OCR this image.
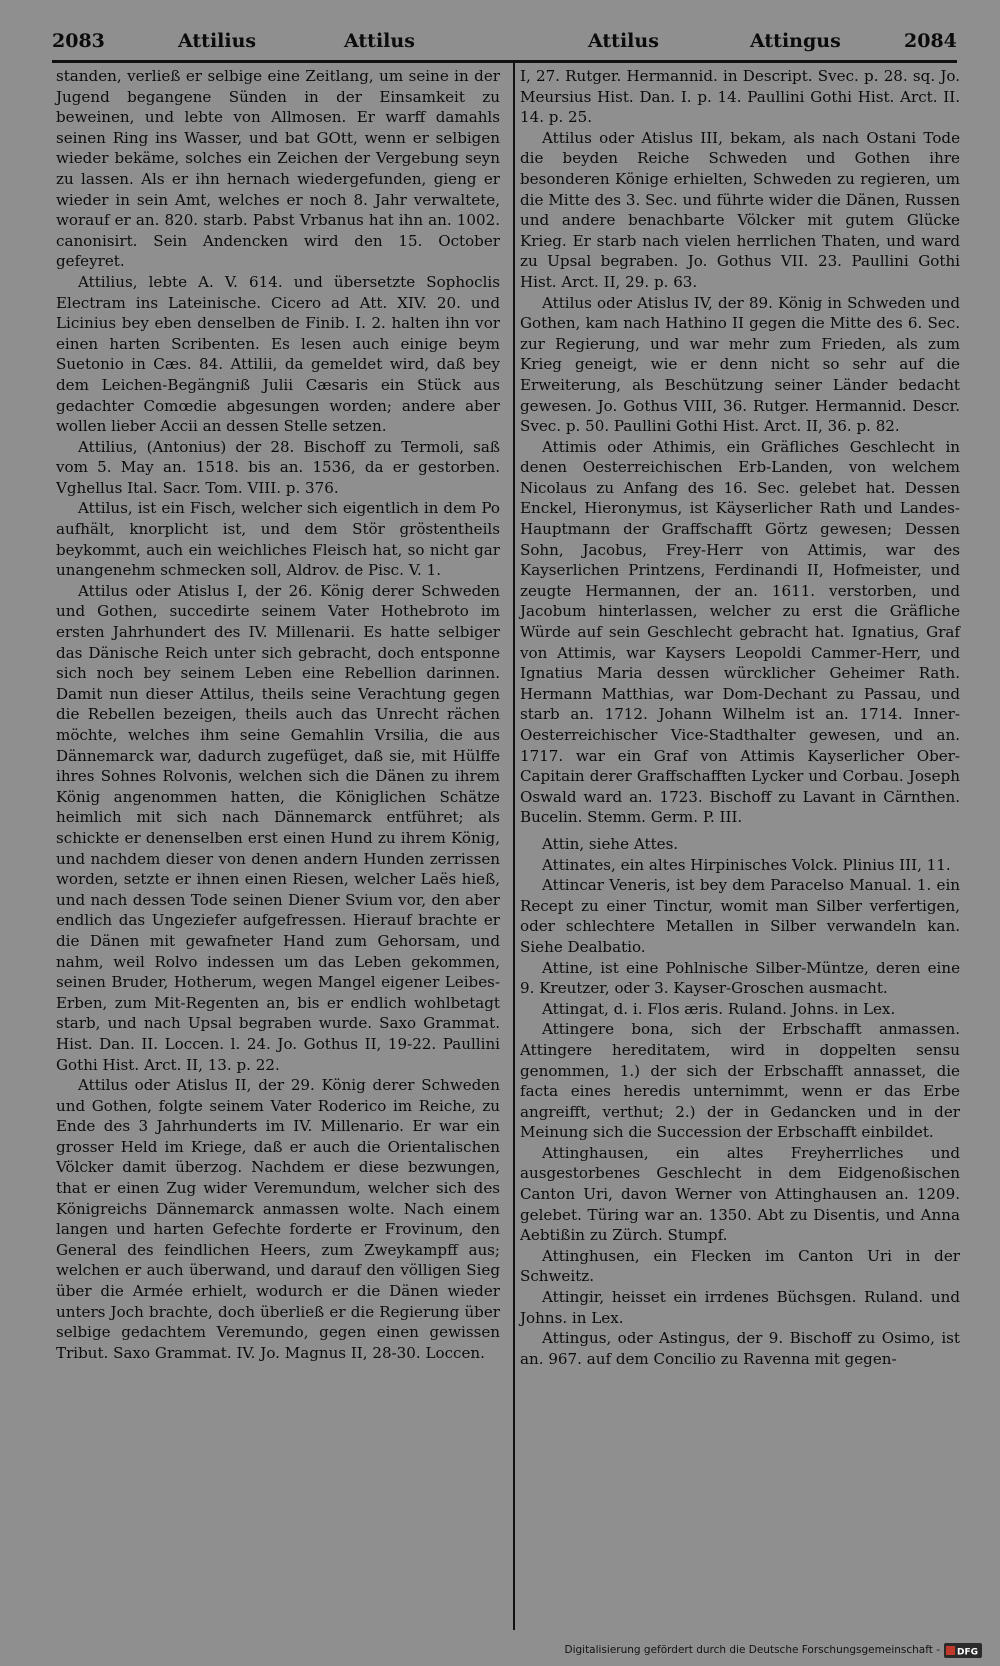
2083	Attilius	Attilus	Attilus	Attingus	2084

standen, verließ er selbige eine Zeitlang, um seine in der Jugend begangene Sünden in der Einsamkeit zu beweinen, und lebte von Allmosen. Er warff damahls seinen Ring ins Wasser, und bat GOtt, wenn er selbigen wieder bekäme, solches ein Zeichen der Vergebung seyn zu lassen. Als er ihn hernach wiedergefunden, gieng er wieder in sein Amt, welches er noch 8. Jahr verwaltete, worauf er an. 820. starb. Pabst Vrbanus hat ihn an. 1002. canonisirt. Sein Andencken wird den 15. October gefeyret.

Attilius, lebte A. V. 614. und übersetzte Sophoclis Electram ins Lateinische. Cicero ad Att. XIV. 20. und Licinius bey eben denselben de Finib. I. 2. halten ihn vor einen harten Scribenten. Es lesen auch einige beym Suetonio in Cæs. 84. Attilii, da gemeldet wird, daß bey dem Leichen-Begängniß Julii Cæsaris ein Stück aus gedachter Comœdie abgesungen worden; andere aber wollen lieber Accii an dessen Stelle setzen.

Attilius, (Antonius) der 28. Bischoff zu Termoli, saß vom 5. May an. 1518. bis an. 1536, da er gestorben. Vghellus Ital. Sacr. Tom. VIII. p. 376.

Attilus, ist ein Fisch, welcher sich eigentlich in dem Po aufhält, knorplicht ist, und dem Stör gröstentheils beykommt, auch ein weichliches Fleisch hat, so nicht gar unangenehm schmecken soll, Aldrov. de Pisc. V. 1.

Attilus oder Atislus I, der 26. König derer Schweden und Gothen, succedirte seinem Vater Hothebroto im ersten Jahrhundert des IV. Millenarii. Es hatte selbiger das Dänische Reich unter sich gebracht, doch entsponne sich noch bey seinem Leben eine Rebellion darinnen. Damit nun dieser Attilus, theils seine Verachtung gegen die Rebellen bezeigen, theils auch das Unrecht rächen möchte, welches ihm seine Gemahlin Vrsilia, die aus Dännemarck war, dadurch zugefüget, daß sie, mit Hülffe ihres Sohnes Rolvonis, welchen sich die Dänen zu ihrem König angenommen hatten, die Königlichen Schätze heimlich mit sich nach Dännemarck entführet; als schickte er denenselben erst einen Hund zu ihrem König, und nachdem dieser von denen andern Hunden zerrissen worden, setzte er ihnen einen Riesen, welcher Laës hieß, und nach dessen Tode seinen Diener Svium vor, den aber endlich das Ungeziefer aufgefressen. Hierauf brachte er die Dänen mit gewafneter Hand zum Gehorsam, und nahm, weil Rolvo indessen um das Leben gekommen, seinen Bruder, Hotherum, wegen Mangel eigener Leibes-Erben, zum Mit-Regenten an, bis er endlich wohlbetagt starb, und nach Upsal begraben wurde. Saxo Grammat. Hist. Dan. II. Loccen. l. 24. Jo. Gothus II, 19-22. Paullini Gothi Hist. Arct. II, 13. p. 22.

Attilus oder Atislus II, der 29. König derer Schweden und Gothen, folgte seinem Vater Roderico im Reiche, zu Ende des 3 Jahrhunderts im IV. Millenario. Er war ein grosser Held im Kriege, daß er auch die Orientalischen Völcker damit überzog. Nachdem er diese bezwungen, that er einen Zug wider Veremundum, welcher sich des Königreichs Dännemarck anmassen wolte. Nach einem langen und harten Gefechte forderte er Frovinum, den General des feindlichen Heers, zum Zweykampff aus; welchen er auch überwand, und darauf den völligen Sieg über die Armée erhielt, wodurch er die Dänen wieder unters Joch brachte, doch überließ er die Regierung über selbige gedachtem Veremundo, gegen einen gewissen Tribut. Saxo Grammat. IV. Jo. Magnus II, 28-30. Loccen.

I, 27. Rutger. Hermannid. in Descript. Svec. p. 28. sq. Jo. Meursius Hist. Dan. I. p. 14. Paullini Gothi Hist. Arct. II. 14. p. 25.

Attilus oder Atislus III, bekam, als nach Ostani Tode die beyden Reiche Schweden und Gothen ihre besonderen Könige erhielten, Schweden zu regieren, um die Mitte des 3. Sec. und führte wider die Dänen, Russen und andere benachbarte Völcker mit gutem Glücke Krieg. Er starb nach vielen herrlichen Thaten, und ward zu Upsal begraben. Jo. Gothus VII. 23. Paullini Gothi Hist. Arct. II, 29. p. 63.

Attilus oder Atislus IV, der 89. König in Schweden und Gothen, kam nach Hathino II gegen die Mitte des 6. Sec. zur Regierung, und war mehr zum Frieden, als zum Krieg geneigt, wie er denn nicht so sehr auf die Erweiterung, als Beschützung seiner Länder bedacht gewesen. Jo. Gothus VIII, 36. Rutger. Hermannid. Descr. Svec. p. 50. Paullini Gothi Hist. Arct. II, 36. p. 82.

Attimis oder Athimis, ein Gräfliches Geschlecht in denen Oesterreichischen Erb-Landen, von welchem Nicolaus zu Anfang des 16. Sec. gelebet hat. Dessen Enckel, Hieronymus, ist Käyserlicher Rath und Landes-Hauptmann der Graffschafft Görtz gewesen; Dessen Sohn, Jacobus, Frey-Herr von Attimis, war des Kayserlichen Printzens, Ferdinandi II, Hofmeister, und zeugte Hermannen, der an. 1611. verstorben, und Jacobum hinterlassen, welcher zu erst die Gräfliche Würde auf sein Geschlecht gebracht hat. Ignatius, Graf von Attimis, war Kaysers Leopoldi Cammer-Herr, und Ignatius Maria dessen würcklicher Geheimer Rath. Hermann Matthias, war Dom-Dechant zu Passau, und starb an. 1712. Johann Wilhelm ist an. 1714. Inner-Oesterreichischer Vice-Stadthalter gewesen, und an. 1717. war ein Graf von Attimis Kayserlicher Ober-Capitain derer Graffschafften Lycker und Corbau. Joseph Oswald ward an. 1723. Bischoff zu Lavant in Cärnthen. Bucelin. Stemm. Germ. P. III.

Attin, siehe Attes.

Attinates, ein altes Hirpinisches Volck. Plinius III, 11.

Attincar Veneris, ist bey dem Paracelso Manual. 1. ein Recept zu einer Tinctur, womit man Silber verfertigen, oder schlechtere Metallen in Silber verwandeln kan. Siehe Dealbatio.

Attine, ist eine Pohlnische Silber-Müntze, deren eine 9. Kreutzer, oder 3. Kayser-Groschen ausmacht.

Attingat, d. i. Flos æris. Ruland. Johns. in Lex.

Attingere bona, sich der Erbschafft anmassen. Attingere hereditatem, wird in doppelten sensu genommen, 1.) der sich der Erbschafft annasset, die facta eines heredis unternimmt, wenn er das Erbe angreifft, verthut; 2.) der in Gedancken und in der Meinung sich die Succession der Erbschafft einbildet.

Attinghausen, ein altes Freyherrliches und ausgestorbenes Geschlecht in dem Eidgenoßischen Canton Uri, davon Werner von Attinghausen an. 1209. gelebet. Türing war an. 1350. Abt zu Disentis, und Anna Aebtißin zu Zürch. Stumpf.

Attinghusen, ein Flecken im Canton Uri in der Schweitz.

Attingir, heisset ein irrdenes Büchsgen. Ruland. und Johns. in Lex.

Attingus, oder Astingus, der 9. Bischoff zu Osimo, ist an. 967. auf dem Concilio zu Ravenna mit gegen-

Digitalisierung gefördert durch die Deutsche Forschungsgemeinschaft - DFG
